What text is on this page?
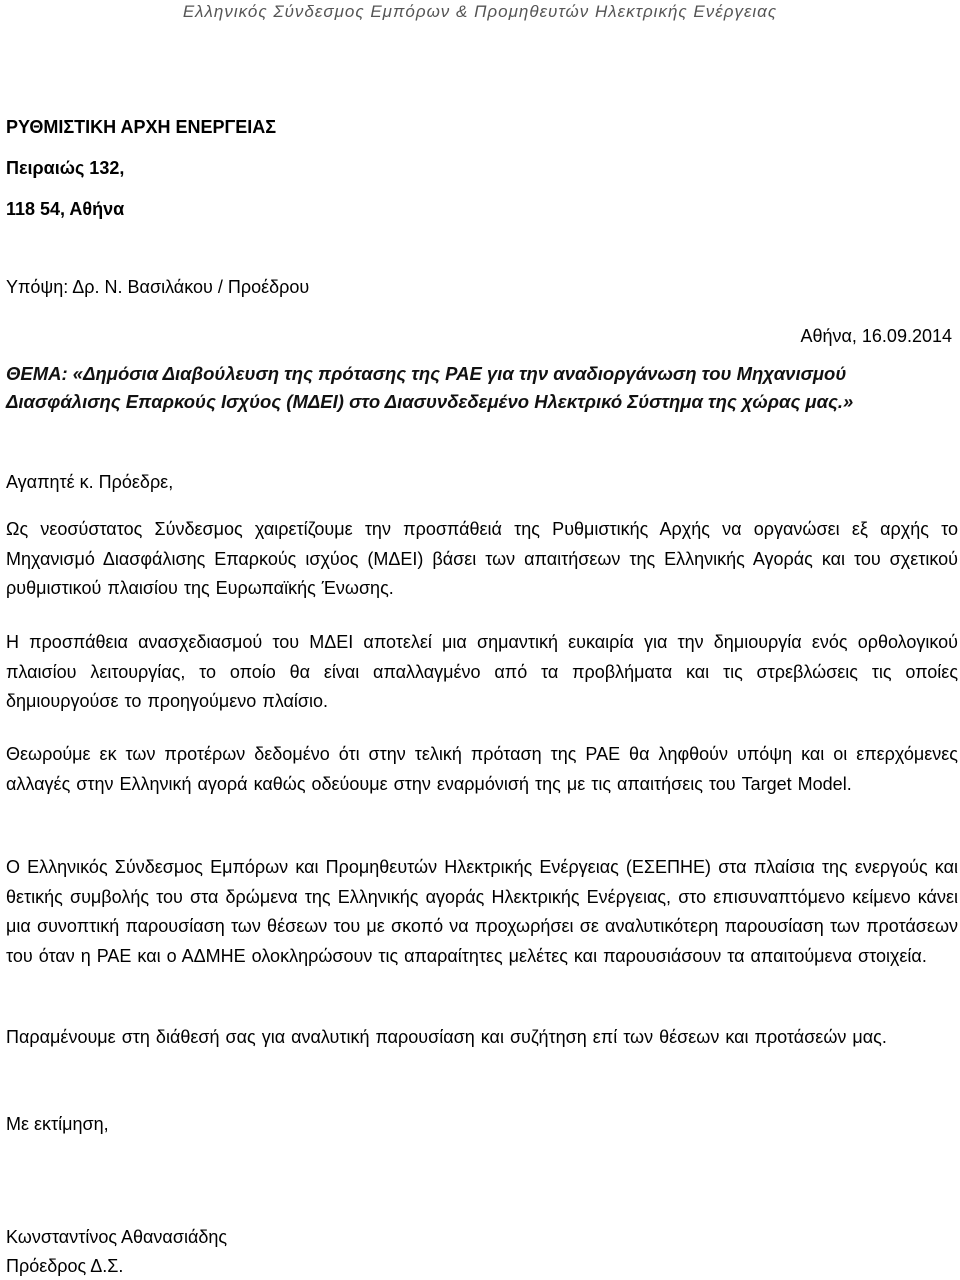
Ελληνικός Σύνδεσμος Εμπόρων & Προμηθευτών Ηλεκτρικής Ενέργειας
ΡΥΘΜΙΣΤΙΚΗ ΑΡΧΗ ΕΝΕΡΓΕΙΑΣ
Πειραιώς 132,
118 54, Αθήνα
Υπόψη: Δρ. Ν. Βασιλάκου / Προέδρου
Αθήνα, 16.09.2014
ΘΕΜΑ: «Δημόσια Διαβούλευση της πρότασης της ΡΑΕ για την αναδιοργάνωση του Μηχανισμού Διασφάλισης Επαρκούς Ισχύος (ΜΔΕΙ) στο Διασυνδεδεμένο Ηλεκτρικό Σύστημα της χώρας μας.»
Αγαπητέ κ. Πρόεδρε,
Ως νεοσύστατος Σύνδεσμος χαιρετίζουμε την προσπάθειά της Ρυθμιστικής Αρχής να οργανώσει εξ αρχής το Μηχανισμό Διασφάλισης Επαρκούς ισχύος (ΜΔΕΙ) βάσει των απαιτήσεων της Ελληνικής Αγοράς και του σχετικού ρυθμιστικού πλαισίου της Ευρωπαϊκής Ένωσης.
Η προσπάθεια ανασχεδιασμού του ΜΔΕΙ αποτελεί μια σημαντική ευκαιρία για την δημιουργία ενός ορθολογικού πλαισίου λειτουργίας, το οποίο θα είναι απαλλαγμένο από τα προβλήματα και τις στρεβλώσεις τις οποίες δημιουργούσε το προηγούμενο πλαίσιο.
Θεωρούμε εκ των προτέρων δεδομένο ότι στην τελική πρόταση της ΡΑΕ θα ληφθούν υπόψη και οι επερχόμενες αλλαγές στην Ελληνική αγορά καθώς οδεύουμε στην εναρμόνισή της με τις απαιτήσεις του Target Model.
Ο Ελληνικός Σύνδεσμος Εμπόρων και Προμηθευτών Ηλεκτρικής Ενέργειας (ΕΣΕΠΗΕ) στα πλαίσια της ενεργούς και θετικής συμβολής του στα δρώμενα της Ελληνικής αγοράς Ηλεκτρικής Ενέργειας, στο επισυναπτόμενο κείμενο κάνει μια συνοπτική παρουσίαση των θέσεων του με σκοπό να προχωρήσει σε αναλυτικότερη παρουσίαση των προτάσεων του όταν η ΡΑΕ και ο ΑΔΜΗΕ ολοκληρώσουν τις απαραίτητες μελέτες και παρουσιάσουν τα απαιτούμενα στοιχεία.
Παραμένουμε στη διάθεσή σας για αναλυτική παρουσίαση και συζήτηση επί των θέσεων και προτάσεών μας.
Με εκτίμηση,
Κωνσταντίνος Αθανασιάδης
Πρόεδρος Δ.Σ.
